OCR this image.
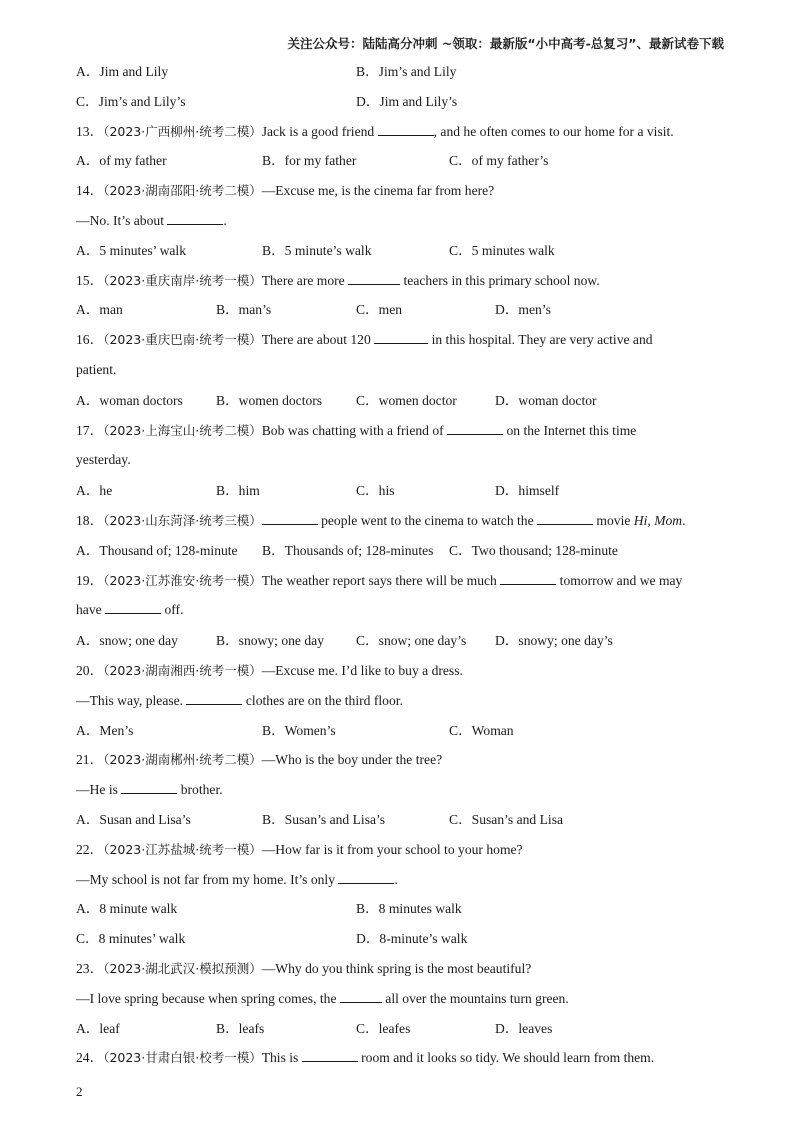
关注公众号：陆陆高分冲刺 ~领取：最新版“小中高考-总复习”、最新试卷下载
A．Jim and Lily	B．Jim’s and Lily
C．Jim’s and Lily’s	D．Jim and Lily’s
13．（2023·广西柳州·统考二模）Jack is a good friend	, and he often comes to our home for a visit.
A．of my father	B．for my father	C．of my father’s
14．（2023·湖南邵阳·统考二模）—Excuse me, is the cinema far from here?
—No. It’s about	.
A．5 minutes’ walk	B．5 minute’s walk	C．5 minutes walk
15．（2023·重庆南岸·统考一模）There are more	teachers in this primary school now.
A．man	B．man’s	C．men	D．men’s
16．（2023·重庆巴南·统考一模）There are about 120	in this hospital. They are very active and
patient.
A．woman doctors B．women doctors C．women doctor	D．woman doctor
17．（2023·上海宝山·统考二模）Bob was chatting with a friend of	on the Internet this time
yesterday.
A．he	B．him	C．his	D．himself
18．（2023·山东菏泽·统考三模）	people went to the cinema to watch the	movie Hi, Mom.
A．Thousand of; 128-minute B．Thousands of; 128-minutes C．Two thousand; 128-minute
19．（2023·江苏淮安·统考一模）The weather report says there will be much	tomorrow and we may
have	off.
A．snow; one day	B．snowy; one day C．snow; one day’s D．snowy; one day’s
20．（2023·湖南湘西·统考一模）—Excuse me. I’d like to buy a dress.
—This way, please.	clothes are on the third floor.
A．Men’s	B．Women’s	C．Woman
21．（2023·湖南郴州·统考二模）—Who is the boy under the tree?
—He is	brother.
A．Susan and Lisa’s	B．Susan’s and Lisa’s	C．Susan’s and Lisa
22．（2023·江苏盐城·统考一模）—How far is it from your school to your home?
—My school is not far from my home. It’s only	.
A．8 minute walk	B．8 minutes walk
C．8 minutes’ walk	D．8-minute’s walk
23．（2023·湖北武汉·模拟预测）—Why do you think spring is the most beautiful?
—I love spring because when spring comes, the	all over the mountains turn green.
A．leaf	B．leafs	C．leafes	D．leaves
24．（2023·甘肃白银·校考一模）This is	room and it looks so tidy. We should learn from them.
2
